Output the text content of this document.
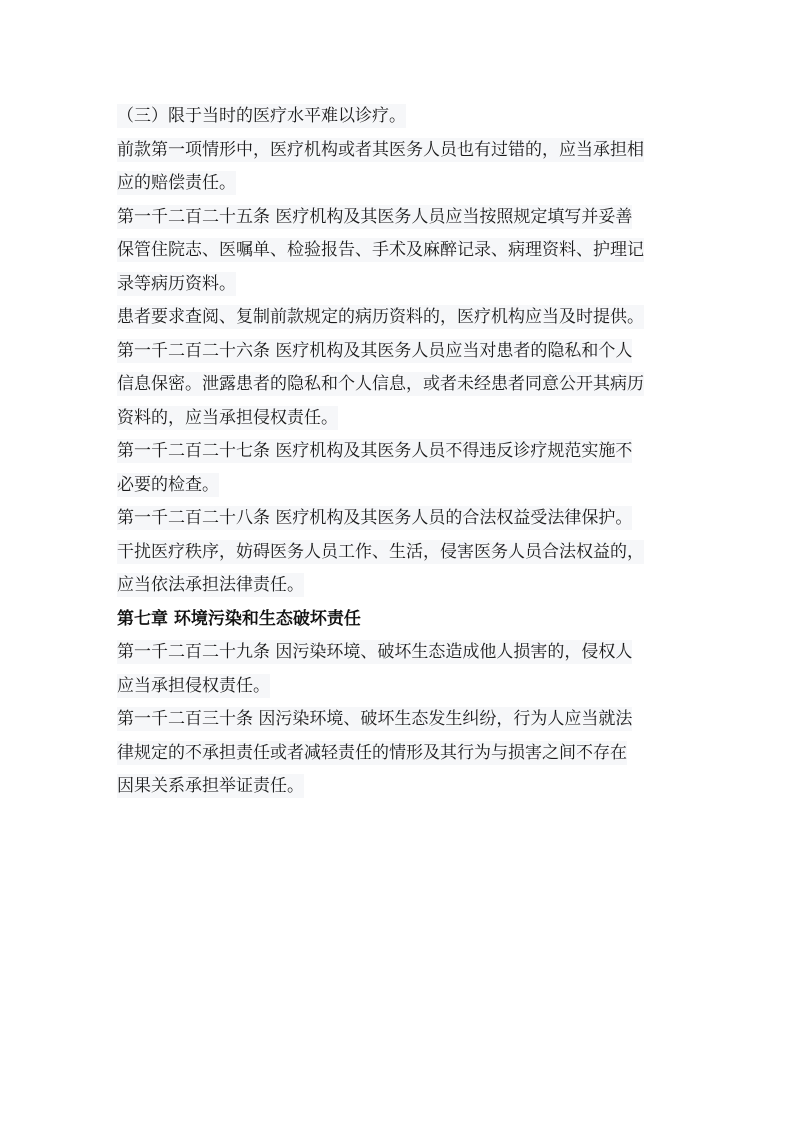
（三）限于当时的医疗水平难以诊疗。
前款第一项情形中，医疗机构或者其医务人员也有过错的，应当承担相
应的赔偿责任。
第一千二百二十五条 医疗机构及其医务人员应当按照规定填写并妥善
保管住院志、医嘱单、检验报告、手术及麻醉记录、病理资料、护理记
录等病历资料。
患者要求查阅、复制前款规定的病历资料的，医疗机构应当及时提供。
第一千二百二十六条 医疗机构及其医务人员应当对患者的隐私和个人
信息保密。泄露患者的隐私和个人信息，或者未经患者同意公开其病历
资料的，应当承担侵权责任。
第一千二百二十七条 医疗机构及其医务人员不得违反诊疗规范实施不
必要的检查。
第一千二百二十八条 医疗机构及其医务人员的合法权益受法律保护。
干扰医疗秩序，妨碍医务人员工作、生活，侵害医务人员合法权益的，
应当依法承担法律责任。
第七章 环境污染和生态破坏责任
第一千二百二十九条 因污染环境、破坏生态造成他人损害的，侵权人
应当承担侵权责任。
第一千二百三十条 因污染环境、破坏生态发生纠纷，行为人应当就法
律规定的不承担责任或者减轻责任的情形及其行为与损害之间不存在
因果关系承担举证责任。
